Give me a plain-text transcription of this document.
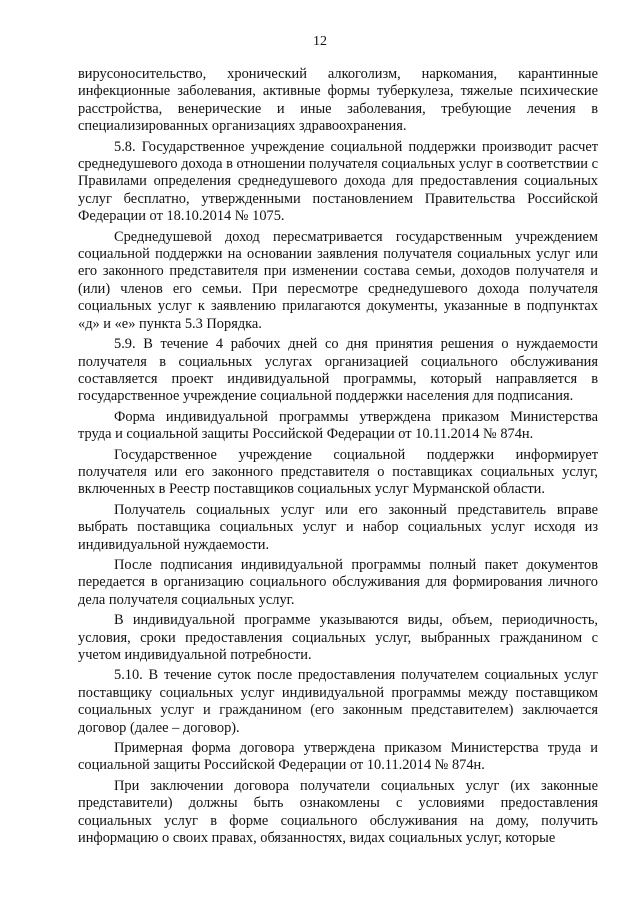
12

вирусоносительство, хронический алкоголизм, наркомания, карантинные инфекционные заболевания, активные формы туберкулеза, тяжелые психические расстройства, венерические и иные заболевания, требующие лечения в специализированных организациях здравоохранения.

5.8. Государственное учреждение социальной поддержки производит расчет среднедушевого дохода в отношении получателя социальных услуг в соответствии с Правилами определения среднедушевого дохода для предоставления социальных услуг бесплатно, утвержденными постановлением Правительства Российской Федерации от 18.10.2014 № 1075.

Среднедушевой доход пересматривается государственным учреждением социальной поддержки на основании заявления получателя социальных услуг или его законного представителя при изменении состава семьи, доходов получателя и (или) членов его семьи. При пересмотре среднедушевого дохода получателя социальных услуг к заявлению прилагаются документы, указанные в подпунктах «д» и «е» пункта 5.3 Порядка.

5.9. В течение 4 рабочих дней со дня принятия решения о нуждаемости получателя в социальных услугах организацией социального обслуживания составляется проект индивидуальной программы, который направляется в государственное учреждение социальной поддержки населения для подписания.

Форма индивидуальной программы утверждена приказом Министерства труда и социальной защиты Российской Федерации от 10.11.2014 № 874н.

Государственное учреждение социальной поддержки информирует получателя или его законного представителя о поставщиках социальных услуг, включенных в Реестр поставщиков социальных услуг Мурманской области.

Получатель социальных услуг или его законный представитель вправе выбрать поставщика социальных услуг и набор социальных услуг исходя из индивидуальной нуждаемости.

После подписания индивидуальной программы полный пакет документов передается в организацию социального обслуживания для формирования личного дела получателя социальных услуг.

В индивидуальной программе указываются виды, объем, периодичность, условия, сроки предоставления социальных услуг, выбранных гражданином с учетом индивидуальной потребности.

5.10. В течение суток после предоставления получателем социальных услуг поставщику социальных услуг индивидуальной программы между поставщиком социальных услуг и гражданином (его законным представителем) заключается договор (далее – договор).

Примерная форма договора утверждена приказом Министерства труда и социальной защиты Российской Федерации от 10.11.2014 № 874н.

При заключении договора получатели социальных услуг (их законные представители) должны быть ознакомлены с условиями предоставления социальных услуг в форме социального обслуживания на дому, получить информацию о своих правах, обязанностях, видах социальных услуг, которые
